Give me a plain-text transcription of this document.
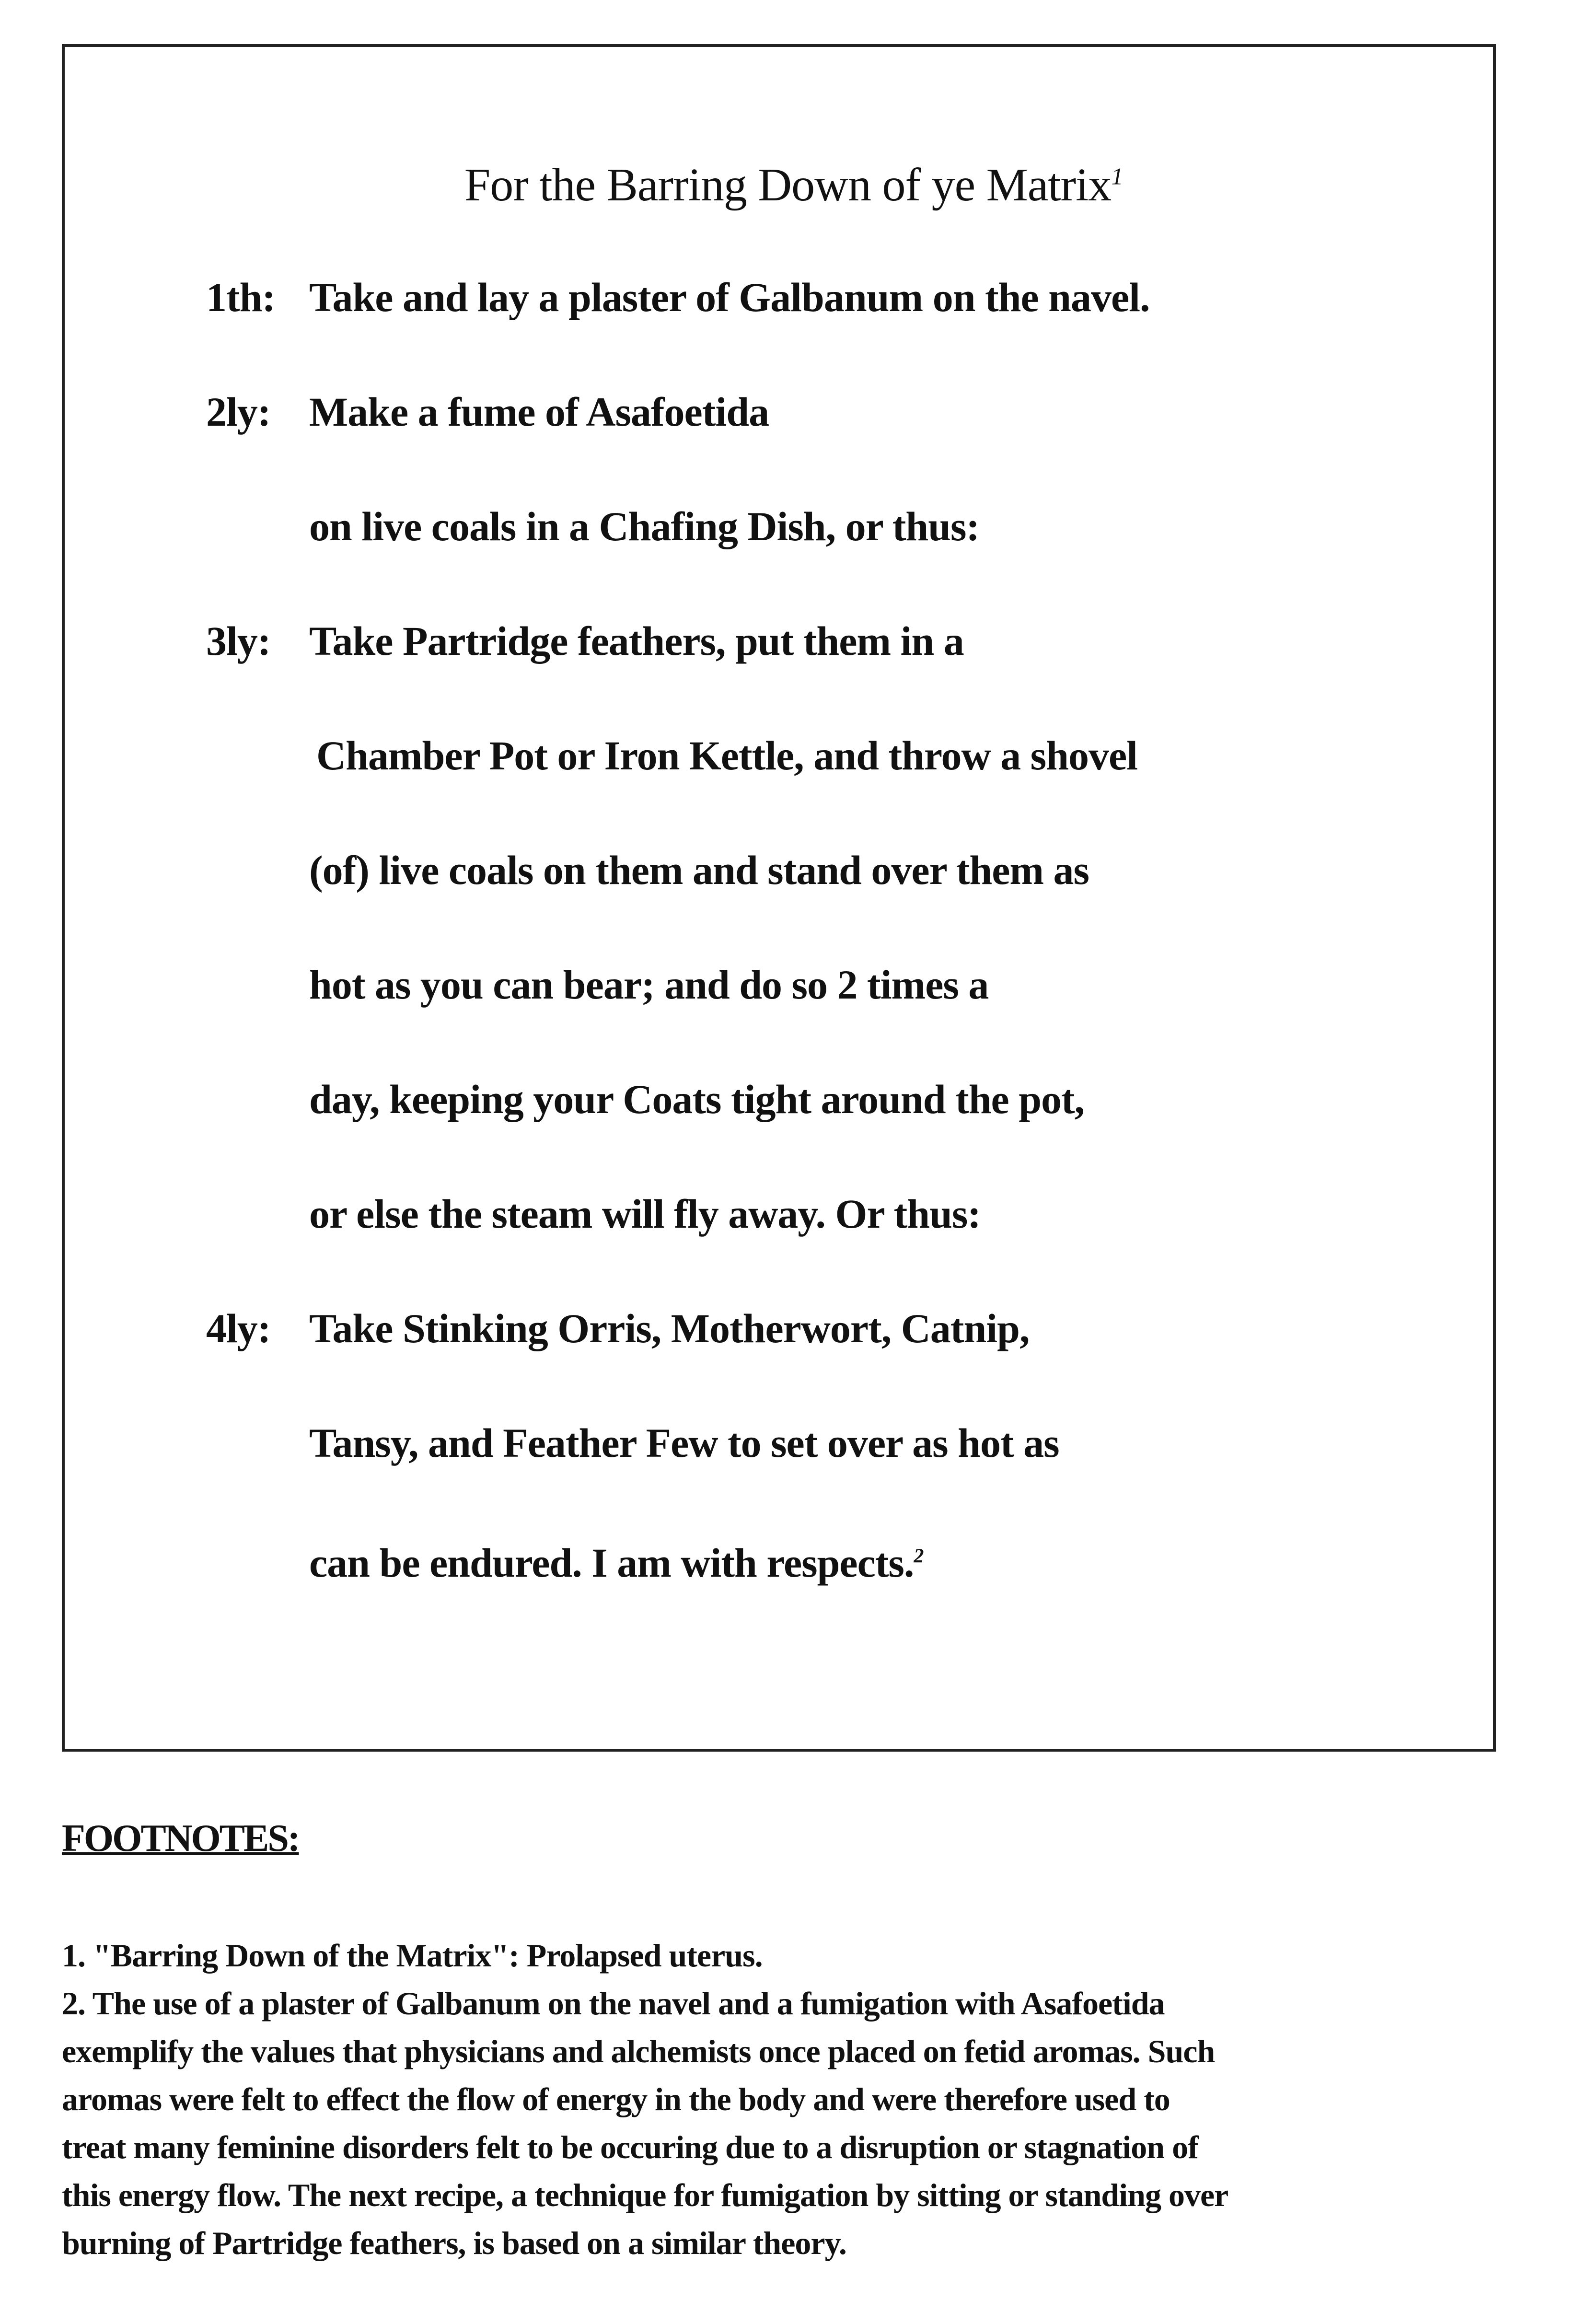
For the Barring Down of ye Matrix$^1$
1th: Take and lay a plaster of Galbanum on the navel.
2ly: Make a fume of Asafoetida
on live coals in a Chafing Dish, or thus:
3ly: Take Partridge feathers, put them in a
Chamber Pot or Iron Kettle, and throw a shovel
(of) live coals on them and stand over them as
hot as you can bear; and do so 2 times a
day, keeping your Coats tight around the pot,
or else the steam will fly away. Or thus:
4ly: Take Stinking Orris, Motherwort, Catnip,
Tansy, and Feather Few to set over as hot as
can be endured. I am with respects.$^2$
FOOTNOTES:
1. "Barring Down of the Matrix": Prolapsed uterus.
2. The use of a plaster of Galbanum on the navel and a fumigation with Asafoetida
exemplify the values that physicians and alchemists once placed on fetid aromas. Such
aromas were felt to effect the flow of energy in the body and were therefore used to
treat many feminine disorders felt to be occuring due to a disruption or stagnation of
this energy flow. The next recipe, a technique for fumigation by sitting or standing over
burning of Partridge feathers, is based on a similar theory.
